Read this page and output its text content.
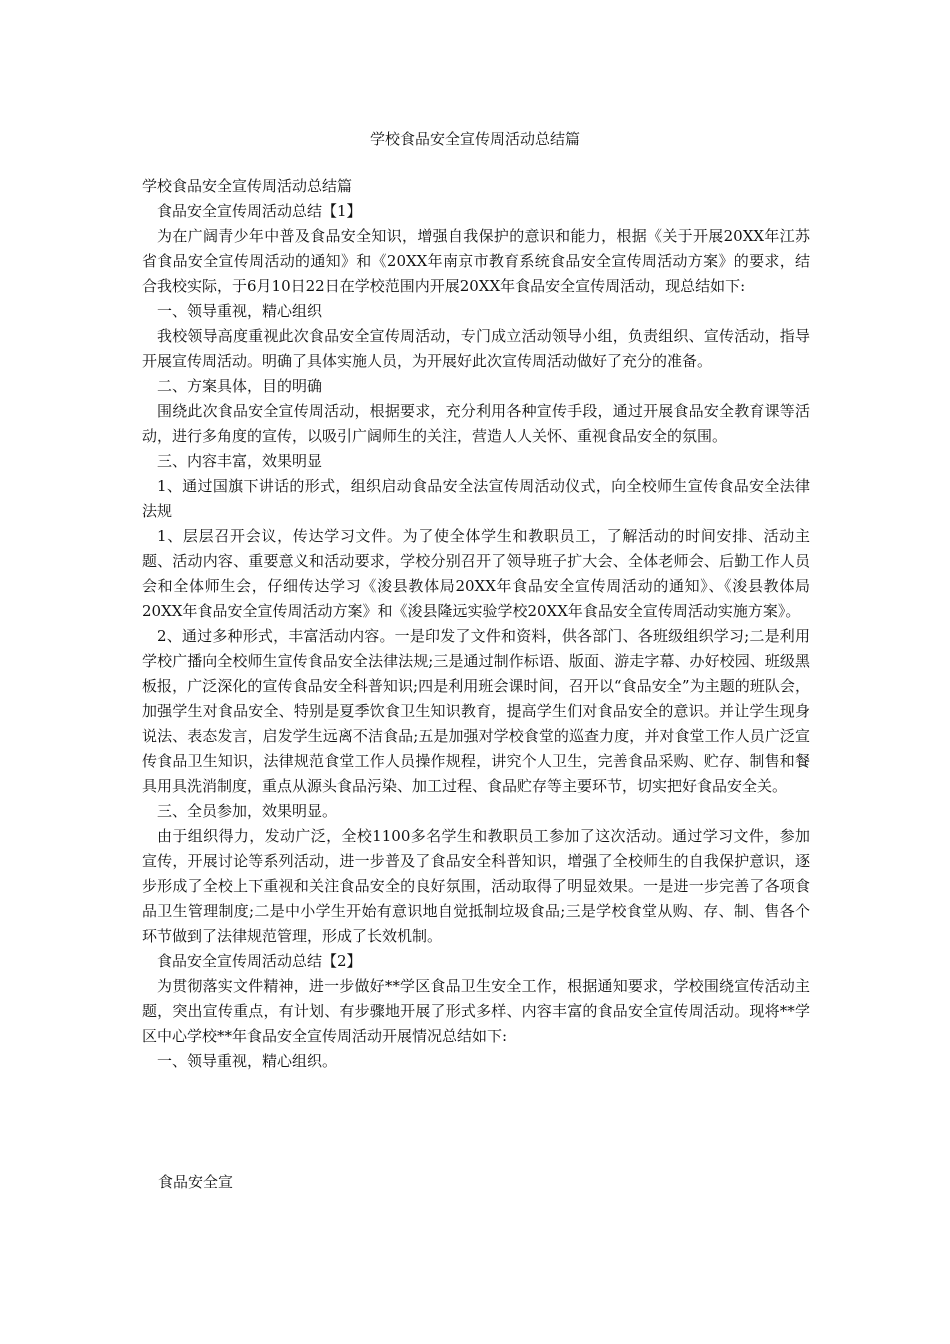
学校食品安全宣传周活动总结篇

学校食品安全宣传周活动总结篇

食品安全宣传周活动总结【1】

为在广阔青少年中普及食品安全知识，增强自我保护的意识和能力，根据《关于开展20XX年江苏省食品安全宣传周活动的通知》和《20XX年南京市教育系统食品安全宣传周活动方案》的要求，结合我校实际，于6月10日22日在学校范围内开展20XX年食品安全宣传周活动，现总结如下:

一、领导重视，精心组织

我校领导高度重视此次食品安全宣传周活动，专门成立活动领导小组，负责组织、宣传活动，指导开展宣传周活动。明确了具体实施人员，为开展好此次宣传周活动做好了充分的准备。

二、方案具体，目的明确

围绕此次食品安全宣传周活动，根据要求，充分利用各种宣传手段，通过开展食品安全教育课等活动，进行多角度的宣传，以吸引广阔师生的关注，营造人人关怀、重视食品安全的氛围。

三、内容丰富，效果明显

1、通过国旗下讲话的形式，组织启动食品安全法宣传周活动仪式，向全校师生宣传食品安全法律法规

1、层层召开会议，传达学习文件。为了使全体学生和教职员工，了解活动的时间安排、活动主题、活动内容、重要意义和活动要求，学校分别召开了领导班子扩大会、全体老师会、后勤工作人员会和全体师生会，仔细传达学习《浚县教体局20XX年食品安全宣传周活动的通知》、《浚县教体局20XX年食品安全宣传周活动方案》和《浚县隆远实验学校20XX年食品安全宣传周活动实施方案》。

2、通过多种形式，丰富活动内容。一是印发了文件和资料，供各部门、各班级组织学习;二是利用学校广播向全校师生宣传食品安全法律法规;三是通过制作标语、版面、游走字幕、办好校园、班级黑板报，广泛深化的宣传食品安全科普知识;四是利用班会课时间，召开以“食品安全”为主题的班队会，加强学生对食品安全、特别是夏季饮食卫生知识教育，提高学生们对食品安全的意识。并让学生现身说法、表态发言，启发学生远离不洁食品;五是加强对学校食堂的巡查力度，并对食堂工作人员广泛宣传食品卫生知识，法律规范食堂工作人员操作规程，讲究个人卫生，完善食品采购、贮存、制售和餐具用具洗消制度，重点从源头食品污染、加工过程、食品贮存等主要环节，切实把好食品安全关。

三、全员参加，效果明显。

由于组织得力，发动广泛，全校1100多名学生和教职员工参加了这次活动。通过学习文件，参加宣传，开展讨论等系列活动，进一步普及了食品安全科普知识，增强了全校师生的自我保护意识，逐步形成了全校上下重视和关注食品安全的良好氛围，活动取得了明显效果。一是进一步完善了各项食品卫生管理制度;二是中小学生开始有意识地自觉抵制垃圾食品;三是学校食堂从购、存、制、售各个环节做到了法律规范管理，形成了长效机制。

食品安全宣传周活动总结【2】

为贯彻落实文件精神，进一步做好**学区食品卫生安全工作，根据通知要求，学校围绕宣传活动主题，突出宣传重点，有计划、有步骤地开展了形式多样、内容丰富的食品安全宣传周活动。现将**学区中心学校**年食品安全宣传周活动开展情况总结如下:

一、领导重视，精心组织。

食品安全宣
